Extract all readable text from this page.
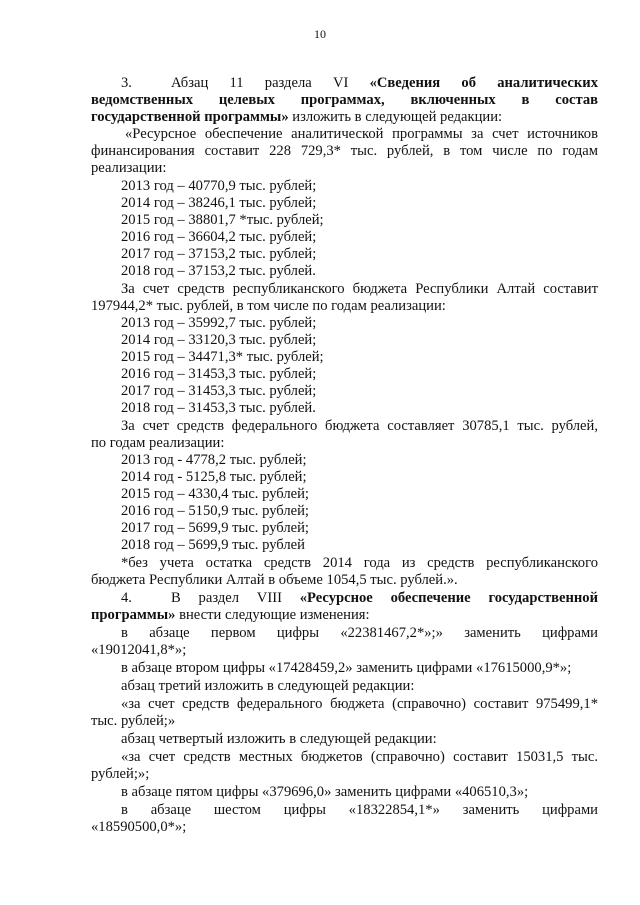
10
3.	Абзац 11 раздела VI «Сведения об аналитических
ведомственных целевых программах, включенных в состав
государственной программы» изложить в следующей редакции:
«Ресурсное обеспечение аналитической программы за счет источников
финансирования составит 228 729,3* тыс. рублей, в том числе по годам
реализации:
2013 год – 40770,9 тыс. рублей;
2014 год – 38246,1 тыс. рублей;
2015 год – 38801,7 *тыс. рублей;
2016 год – 36604,2 тыс. рублей;
2017 год – 37153,2 тыс. рублей;
2018 год – 37153,2 тыс. рублей.
За счет средств республиканского бюджета Республики Алтай составит
197944,2* тыс. рублей, в том числе по годам реализации:
2013 год – 35992,7 тыс. рублей;
2014 год – 33120,3 тыс. рублей;
2015 год – 34471,3* тыс. рублей;
2016 год – 31453,3 тыс. рублей;
2017 год – 31453,3 тыс. рублей;
2018 год – 31453,3 тыс. рублей.
За счет средств федерального бюджета составляет 30785,1 тыс. рублей,
по годам реализации:
2013 год - 4778,2 тыс. рублей;
2014 год - 5125,8 тыс. рублей;
2015 год – 4330,4 тыс. рублей;
2016 год – 5150,9 тыс. рублей;
2017 год – 5699,9 тыс. рублей;
2018 год – 5699,9 тыс. рублей
*без учета остатка средств 2014 года из средств республиканского
бюджета Республики Алтай в объеме 1054,5 тыс. рублей.».
4.	В раздел VIII «Ресурсное обеспечение государственной
программы» внести следующие изменения:
в абзаце первом цифры «22381467,2*»;» заменить цифрами
«19012041,8*»;
в абзаце втором цифры «17428459,2» заменить цифрами «17615000,9*»;
абзац третий изложить в следующей редакции:
«за счет средств федерального бюджета (справочно) составит 975499,1*
тыс. рублей;»
абзац четвертый изложить в следующей редакции:
«за счет средств местных бюджетов (справочно) составит 15031,5 тыс.
рублей;»;
в абзаце пятом цифры «379696,0» заменить цифрами «406510,3»;
в абзаце шестом цифры «18322854,1*» заменить цифрами
«18590500,0*»;
